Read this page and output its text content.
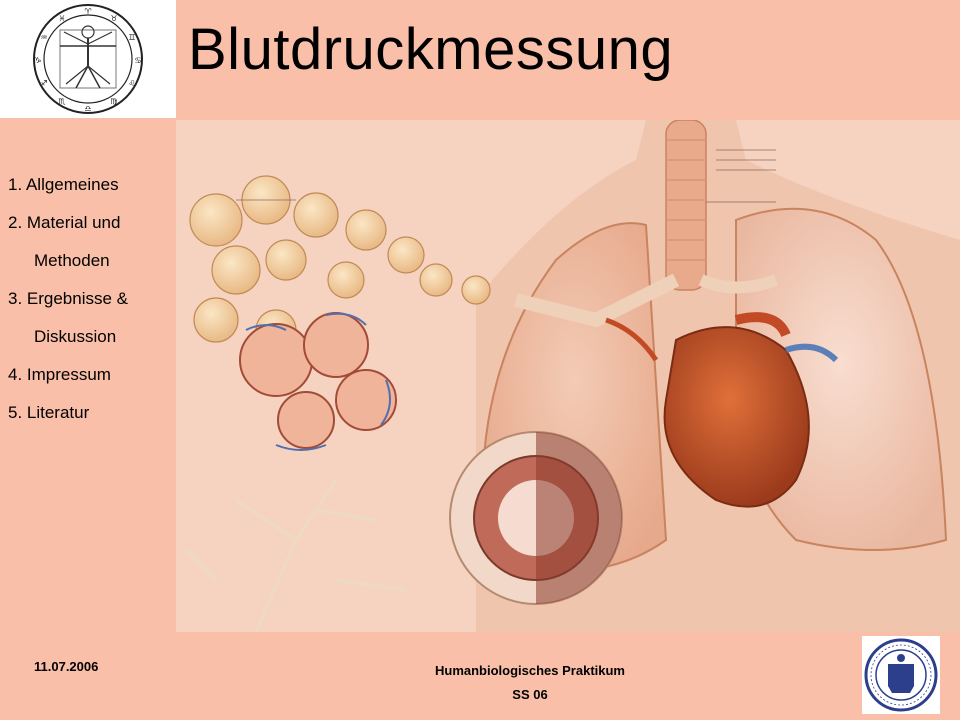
♈
♉
♊
♋
♌
♍
♎
♏
♐
♑
♒
♓ Blutdruckmessung
1. Allgemeines
2. Material und
Methoden
3. Ergebnisse &
Diskussion
4. Impressum
5. Literatur
11.07.2006	Humanbiologisches Praktikum
SS 06
